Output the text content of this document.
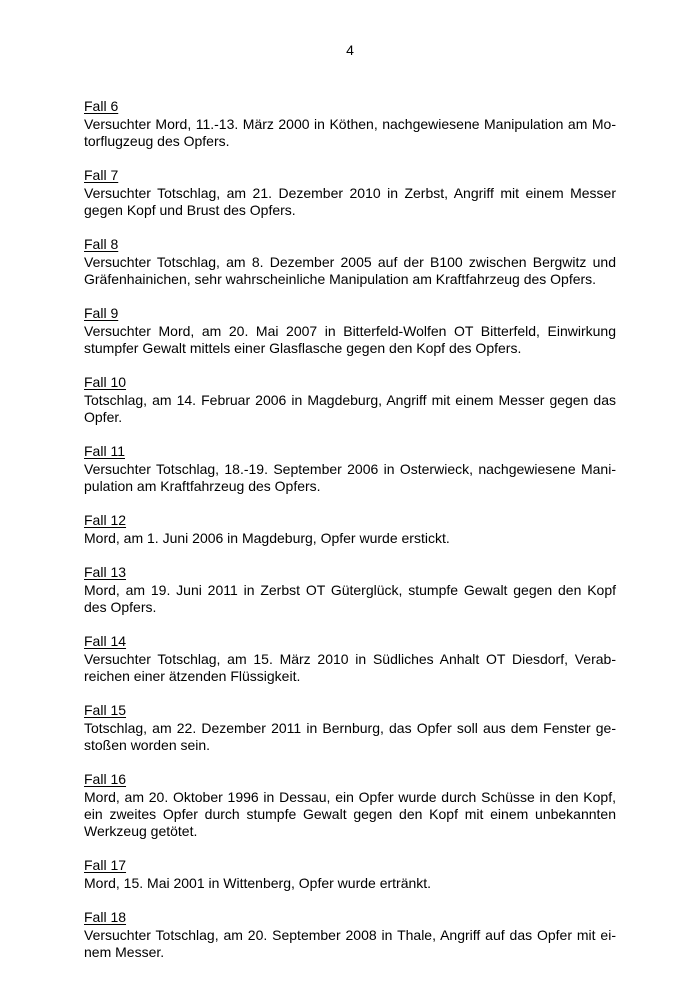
4
Fall 6

Versuchter Mord, 11.-13. März 2000 in Köthen, nachgewiesene Manipulation am Motorflugzeug des Opfers.

Fall 7

Versuchter Totschlag, am 21. Dezember 2010 in Zerbst, Angriff mit einem Messer gegen Kopf und Brust des Opfers.

Fall 8

Versuchter Totschlag, am 8. Dezember 2005 auf der B100 zwischen Bergwitz und Gräfenhainichen, sehr wahrscheinliche Manipulation am Kraftfahrzeug des Opfers.

Fall 9

Versuchter Mord, am 20. Mai 2007 in Bitterfeld-Wolfen OT Bitterfeld, Einwirkung stumpfer Gewalt mittels einer Glasflasche gegen den Kopf des Opfers.

Fall 10

Totschlag, am 14. Februar 2006 in Magdeburg, Angriff mit einem Messer gegen das Opfer.

Fall 11

Versuchter Totschlag, 18.-19. September 2006 in Osterwieck, nachgewiesene Manipulation am Kraftfahrzeug des Opfers.

Fall 12

Mord, am 1. Juni 2006 in Magdeburg, Opfer wurde erstickt.

Fall 13

Mord, am 19. Juni 2011 in Zerbst OT Güterglück, stumpfe Gewalt gegen den Kopf des Opfers.

Fall 14

Versuchter Totschlag, am 15. März 2010 in Südliches Anhalt OT Diesdorf, Verabreichen einer ätzenden Flüssigkeit.

Fall 15

Totschlag, am 22. Dezember 2011 in Bernburg, das Opfer soll aus dem Fenster gestoßen worden sein.

Fall 16

Mord, am 20. Oktober 1996 in Dessau, ein Opfer wurde durch Schüsse in den Kopf, ein zweites Opfer durch stumpfe Gewalt gegen den Kopf mit einem unbekannten Werkzeug getötet.

Fall 17

Mord, 15. Mai 2001 in Wittenberg, Opfer wurde ertränkt.

Fall 18

Versuchter Totschlag, am 20. September 2008 in Thale, Angriff auf das Opfer mit einem Messer.
